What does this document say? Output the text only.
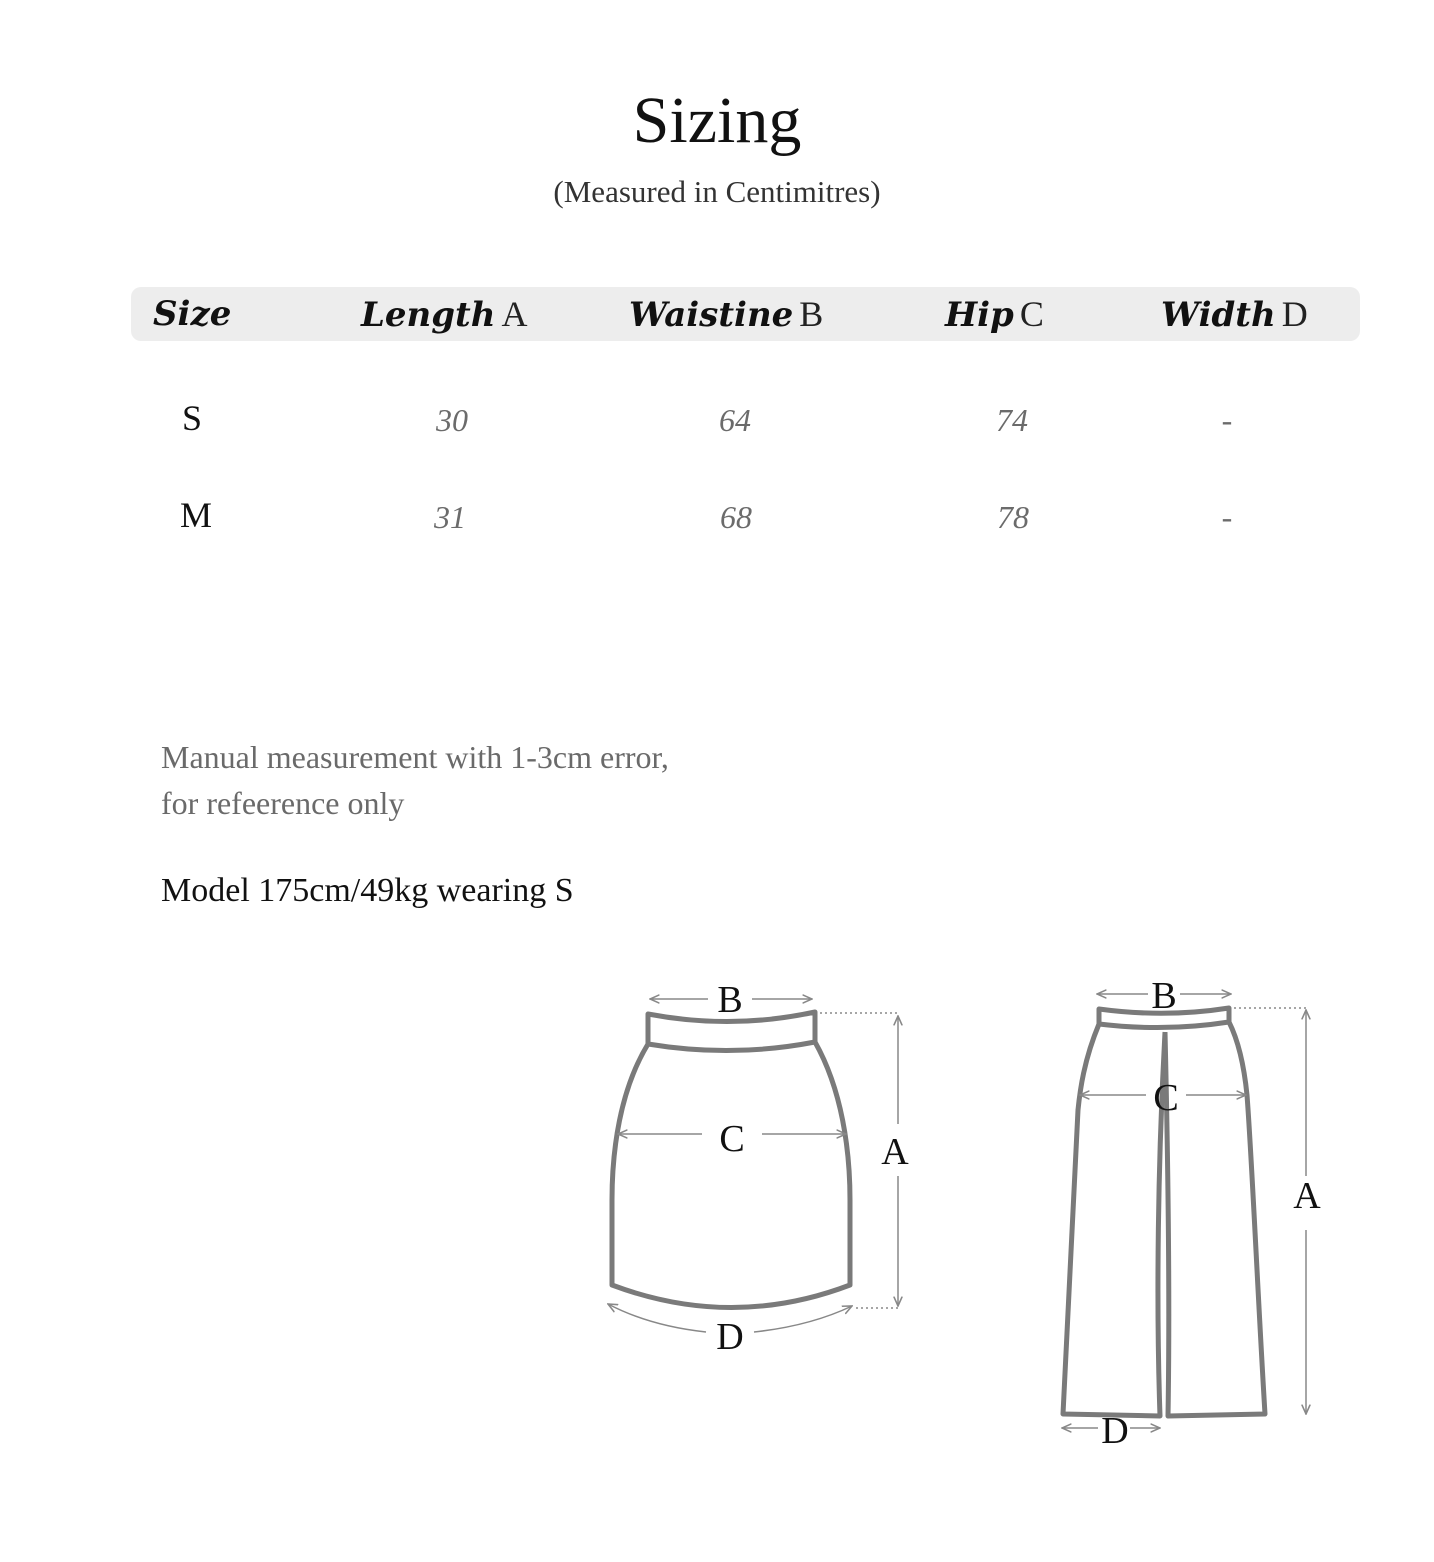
Sizing
(Measured in Centimitres)
Size	Length A	Waistine B	Hip C	Width D
S	30	64	74	-
M	31	68	78	-
Manual measurement with 1-3cm error,
for refeerence only
Model 175cm/49kg wearing S
B
C	A
D
B
C
A
D
